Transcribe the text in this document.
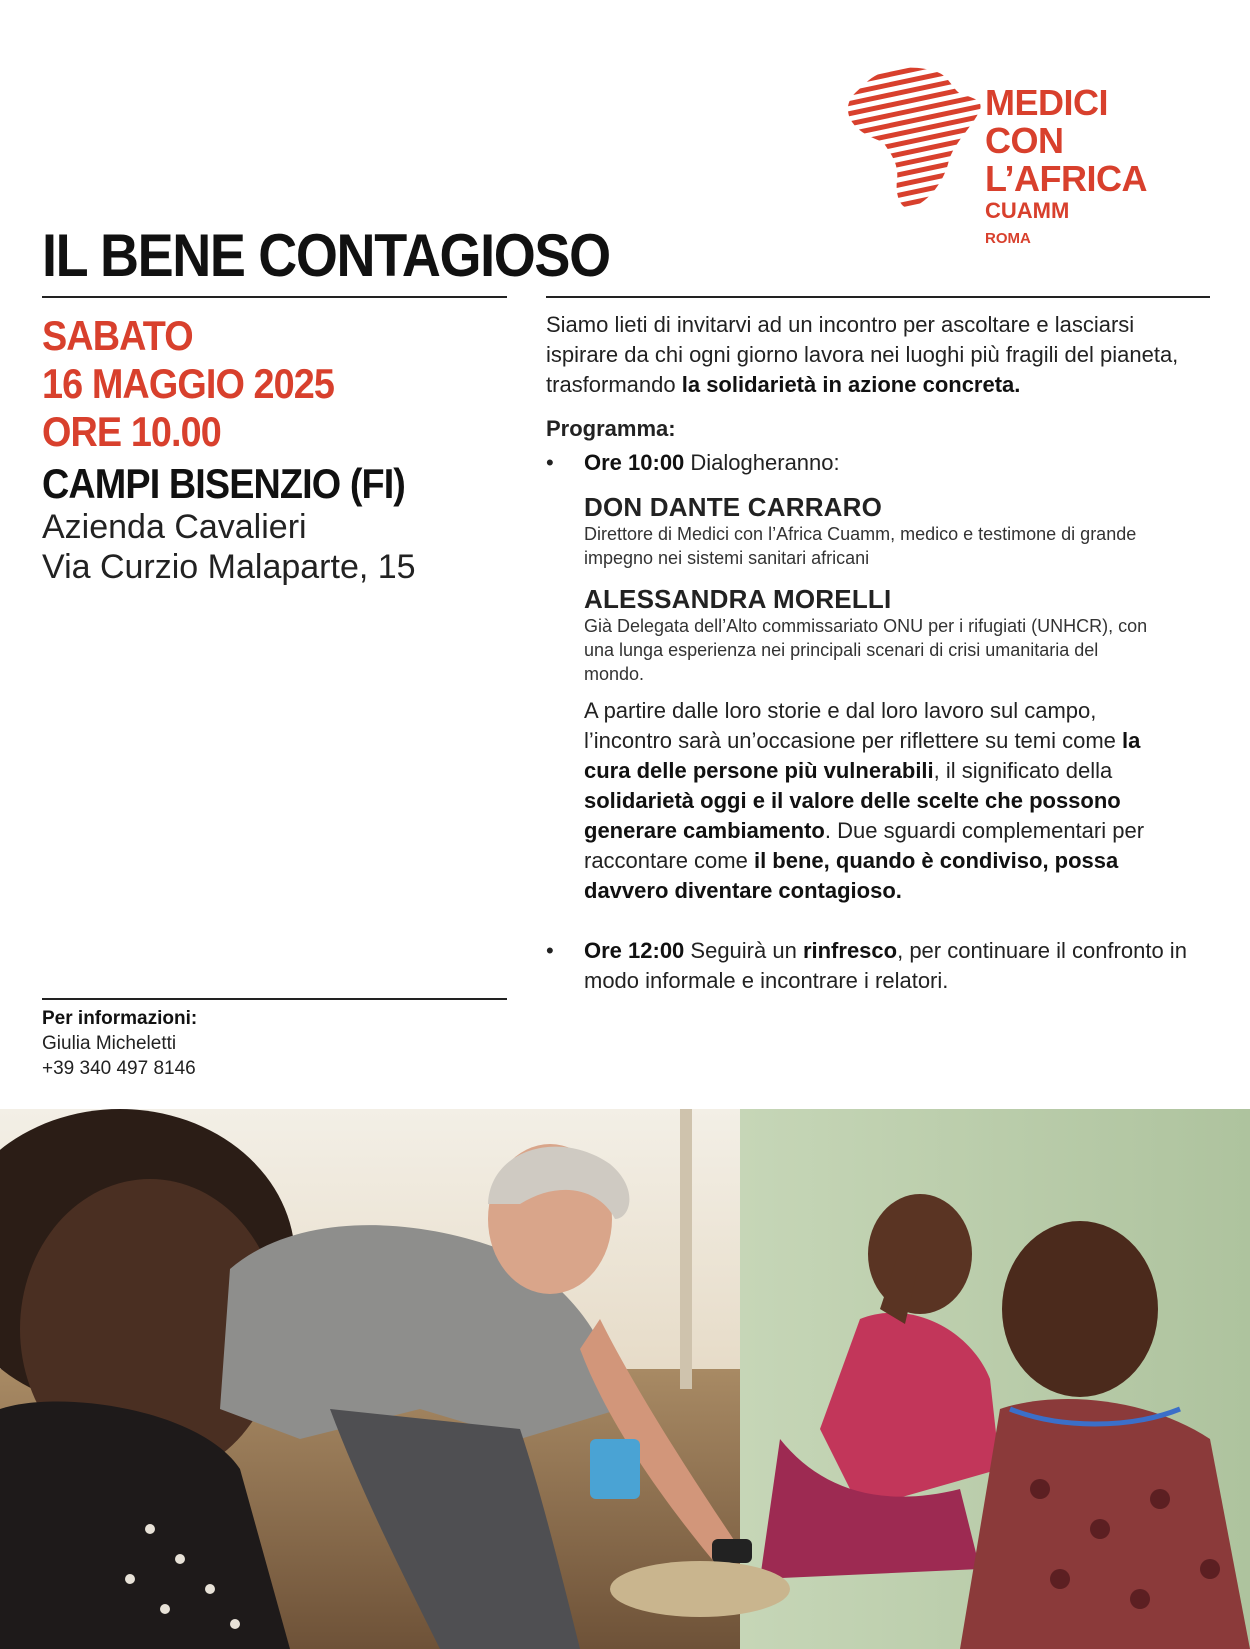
MEDICI
CON L’AFRICA
CUAMM
ROMA
IL BENE CONTAGIOSO
SABATO
16 MAGGIO 2025
ORE 10.00
CAMPI BISENZIO (FI)
Azienda Cavalieri
Via Curzio Malaparte, 15
Per informazioni:
Giulia Micheletti
+39 340 497 8146

Siamo lieti di invitarvi ad un incontro per ascoltare e lasciarsi ispirare da chi ogni giorno lavora nei luoghi più fragili del pianeta, trasformando la solidarietà in azione concreta.

Programma:

• Ore 10:00 Dialogheranno:
DON DANTE CARRARO
Direttore di Medici con l’Africa Cuamm, medico e testimone di grande impegno nei sistemi sanitari africani
ALESSANDRA MORELLI
Già Delegata dell’Alto commissariato ONU per i rifugiati (UNHCR), con una lunga esperienza nei principali scenari di crisi umanitaria del mondo.

A partire dalle loro storie e dal loro lavoro sul campo, l’incontro sarà un’occasione per riflettere su temi come la cura delle persone più vulnerabili, il significato della solidarietà oggi e il valore delle scelte che possono generare cambiamento. Due sguardi complementari per raccontare come il bene, quando è condiviso, possa davvero diventare contagioso.

• Ore 12:00 Seguirà un rinfresco, per continuare il confronto in modo informale e incontrare i relatori.
